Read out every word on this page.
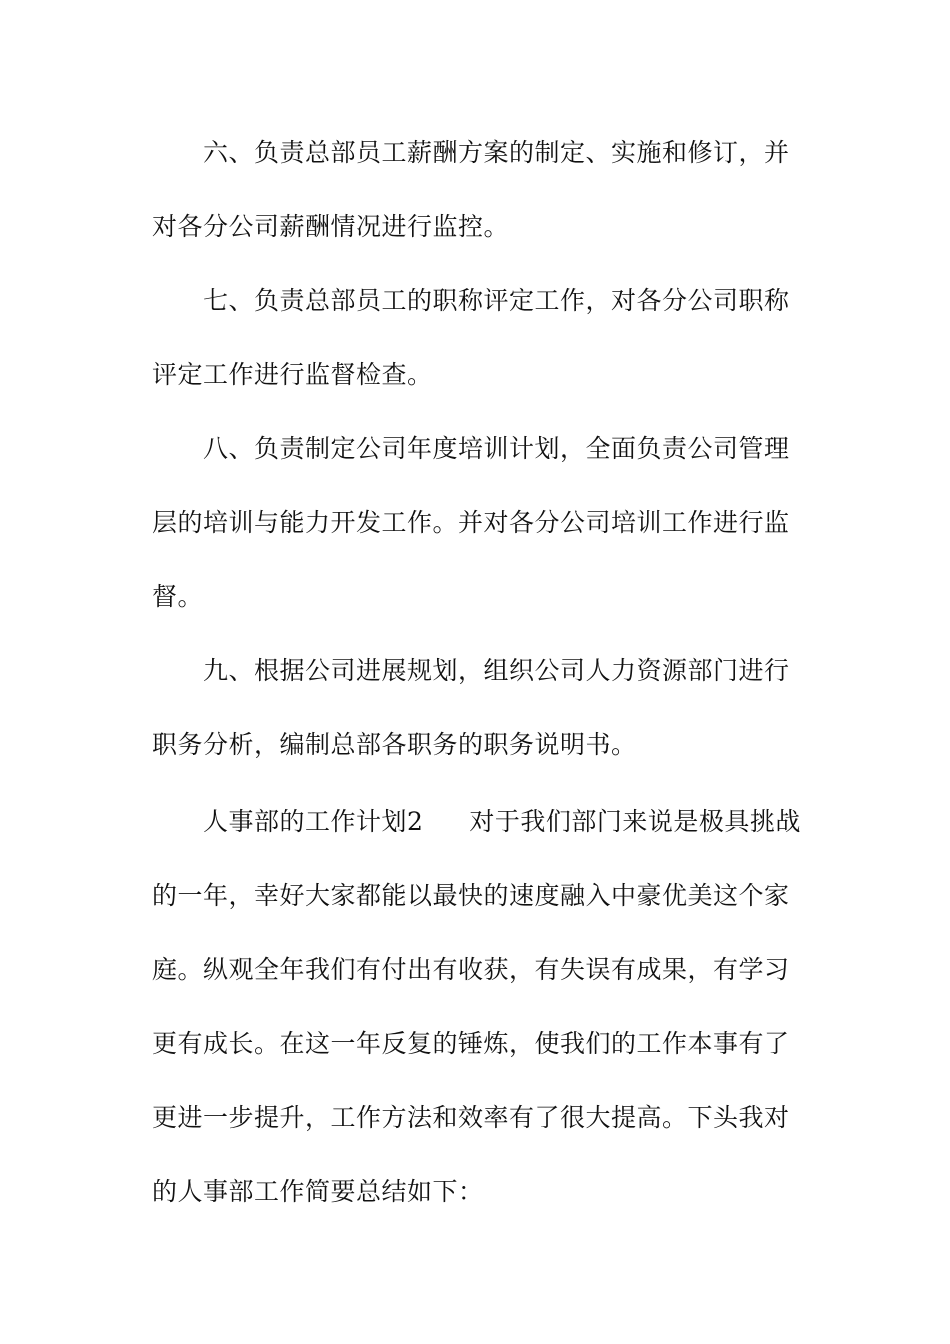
六、负责总部员工薪酬方案的制定、实施和修订，并
对各分公司薪酬情况进行监控。
七、负责总部员工的职称评定工作，对各分公司职称
评定工作进行监督检查。
八、负责制定公司年度培训计划，全面负责公司管理
层的培训与能力开发工作。并对各分公司培训工作进行监
督。
九、根据公司进展规划，组织公司人力资源部门进行
职务分析，编制总部各职务的职务说明书。
人事部的工作计划2 对于我们部门来说是极具挑战
的一年，幸好大家都能以最快的速度融入中豪优美这个家
庭。纵观全年我们有付出有收获，有失误有成果，有学习
更有成长。在这一年反复的锤炼，使我们的工作本事有了
更进一步提升，工作方法和效率有了很大提高。下头我对
的人事部工作简要总结如下：
